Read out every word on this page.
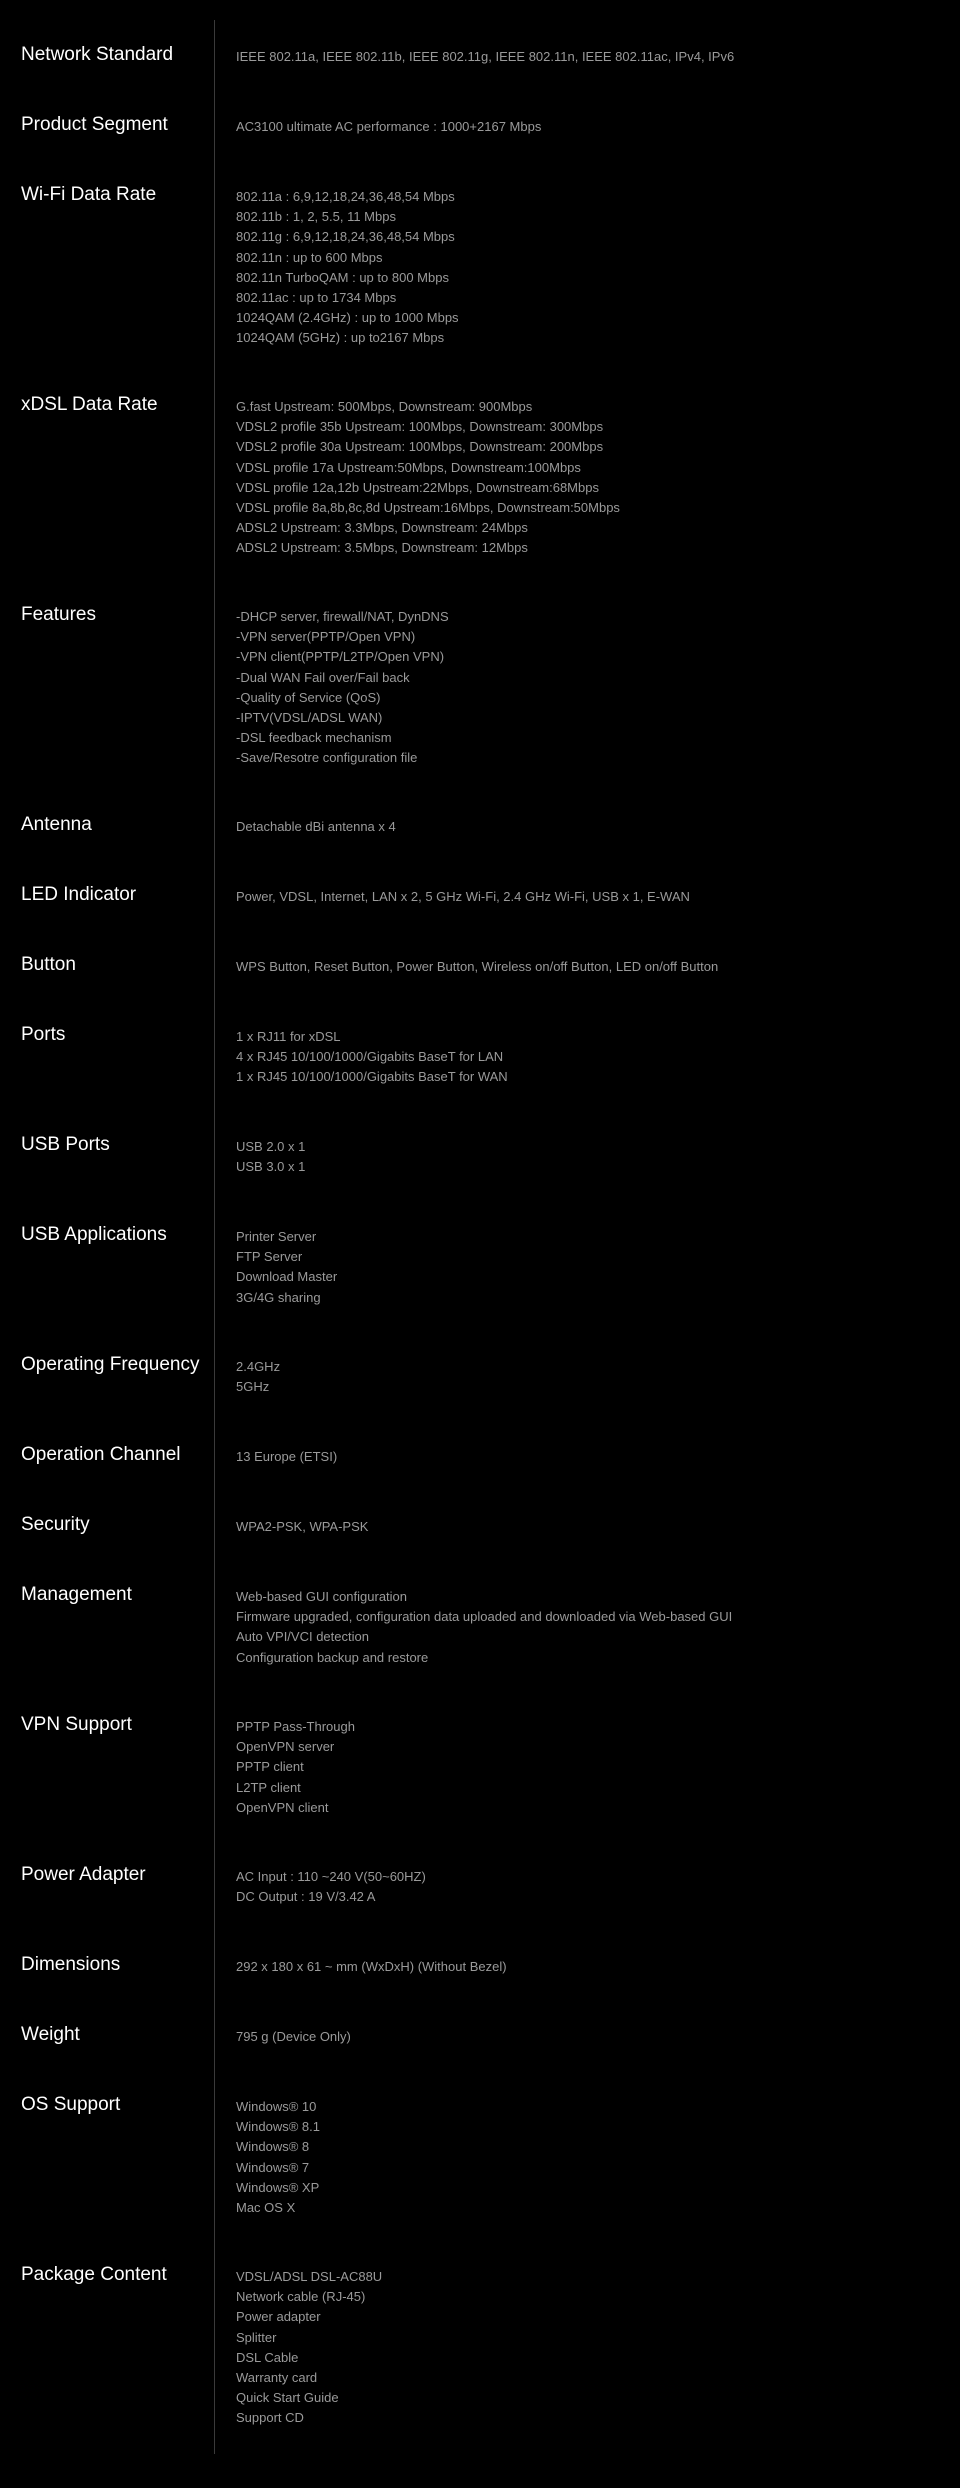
Network Standard	IEEE 802.11a, IEEE 802.11b, IEEE 802.11g, IEEE 802.11n, IEEE 802.11ac, IPv4, IPv6
Product Segment	AC3100 ultimate AC performance : 1000+2167 Mbps
Wi-Fi Data Rate	802.11a : 6,9,12,18,24,36,48,54 Mbps
802.11b : 1, 2, 5.5, 11 Mbps
802.11g : 6,9,12,18,24,36,48,54 Mbps
802.11n : up to 600 Mbps
802.11n TurboQAM : up to 800 Mbps
802.11ac : up to 1734 Mbps
1024QAM (2.4GHz) : up to 1000 Mbps
1024QAM (5GHz) : up to2167 Mbps
xDSL Data Rate	G.fast Upstream: 500Mbps, Downstream: 900Mbps
VDSL2 profile 35b Upstream: 100Mbps, Downstream: 300Mbps
VDSL2 profile 30a Upstream: 100Mbps, Downstream: 200Mbps
VDSL profile 17a Upstream:50Mbps, Downstream:100Mbps
VDSL profile 12a,12b Upstream:22Mbps, Downstream:68Mbps
VDSL profile 8a,8b,8c,8d Upstream:16Mbps, Downstream:50Mbps
ADSL2 Upstream: 3.3Mbps, Downstream: 24Mbps
ADSL2 Upstream: 3.5Mbps, Downstream: 12Mbps
Features	-DHCP server, firewall/NAT, DynDNS
-VPN server(PPTP/Open VPN)
-VPN client(PPTP/L2TP/Open VPN)
-Dual WAN Fail over/Fail back
-Quality of Service (QoS)
-IPTV(VDSL/ADSL WAN)
-DSL feedback mechanism
-Save/Resotre configuration file
Antenna	Detachable dBi antenna x 4
LED Indicator	Power, VDSL, Internet, LAN x 2, 5 GHz Wi-Fi, 2.4 GHz Wi-Fi, USB x 1, E-WAN
Button	WPS Button, Reset Button, Power Button, Wireless on/off Button, LED on/off Button
Ports	1 x RJ11 for xDSL
4 x RJ45 10/100/1000/Gigabits BaseT for LAN
1 x RJ45 10/100/1000/Gigabits BaseT for WAN
USB Ports	USB 2.0 x 1
USB 3.0 x 1
USB Applications	Printer Server
FTP Server
Download Master
3G/4G sharing
Operating Frequency	2.4GHz
5GHz
Operation Channel	13 Europe (ETSI)
Security	WPA2-PSK, WPA-PSK
Management	Web-based GUI configuration
Firmware upgraded, configuration data uploaded and downloaded via Web-based GUI
Auto VPI/VCI detection
Configuration backup and restore
VPN Support	PPTP Pass-Through
OpenVPN server
PPTP client
L2TP client
OpenVPN client
Power Adapter	AC Input : 110 ~240 V(50~60HZ)
DC Output : 19 V/3.42 A
Dimensions	292 x 180 x 61 ~ mm (WxDxH) (Without Bezel)
Weight	795 g (Device Only)
OS Support	Windows® 10
Windows® 8.1
Windows® 8
Windows® 7
Windows® XP
Mac OS X
Package Content	VDSL/ADSL DSL-AC88U
Network cable (RJ-45)
Power adapter
Splitter
DSL Cable
Warranty card
Quick Start Guide
Support CD
